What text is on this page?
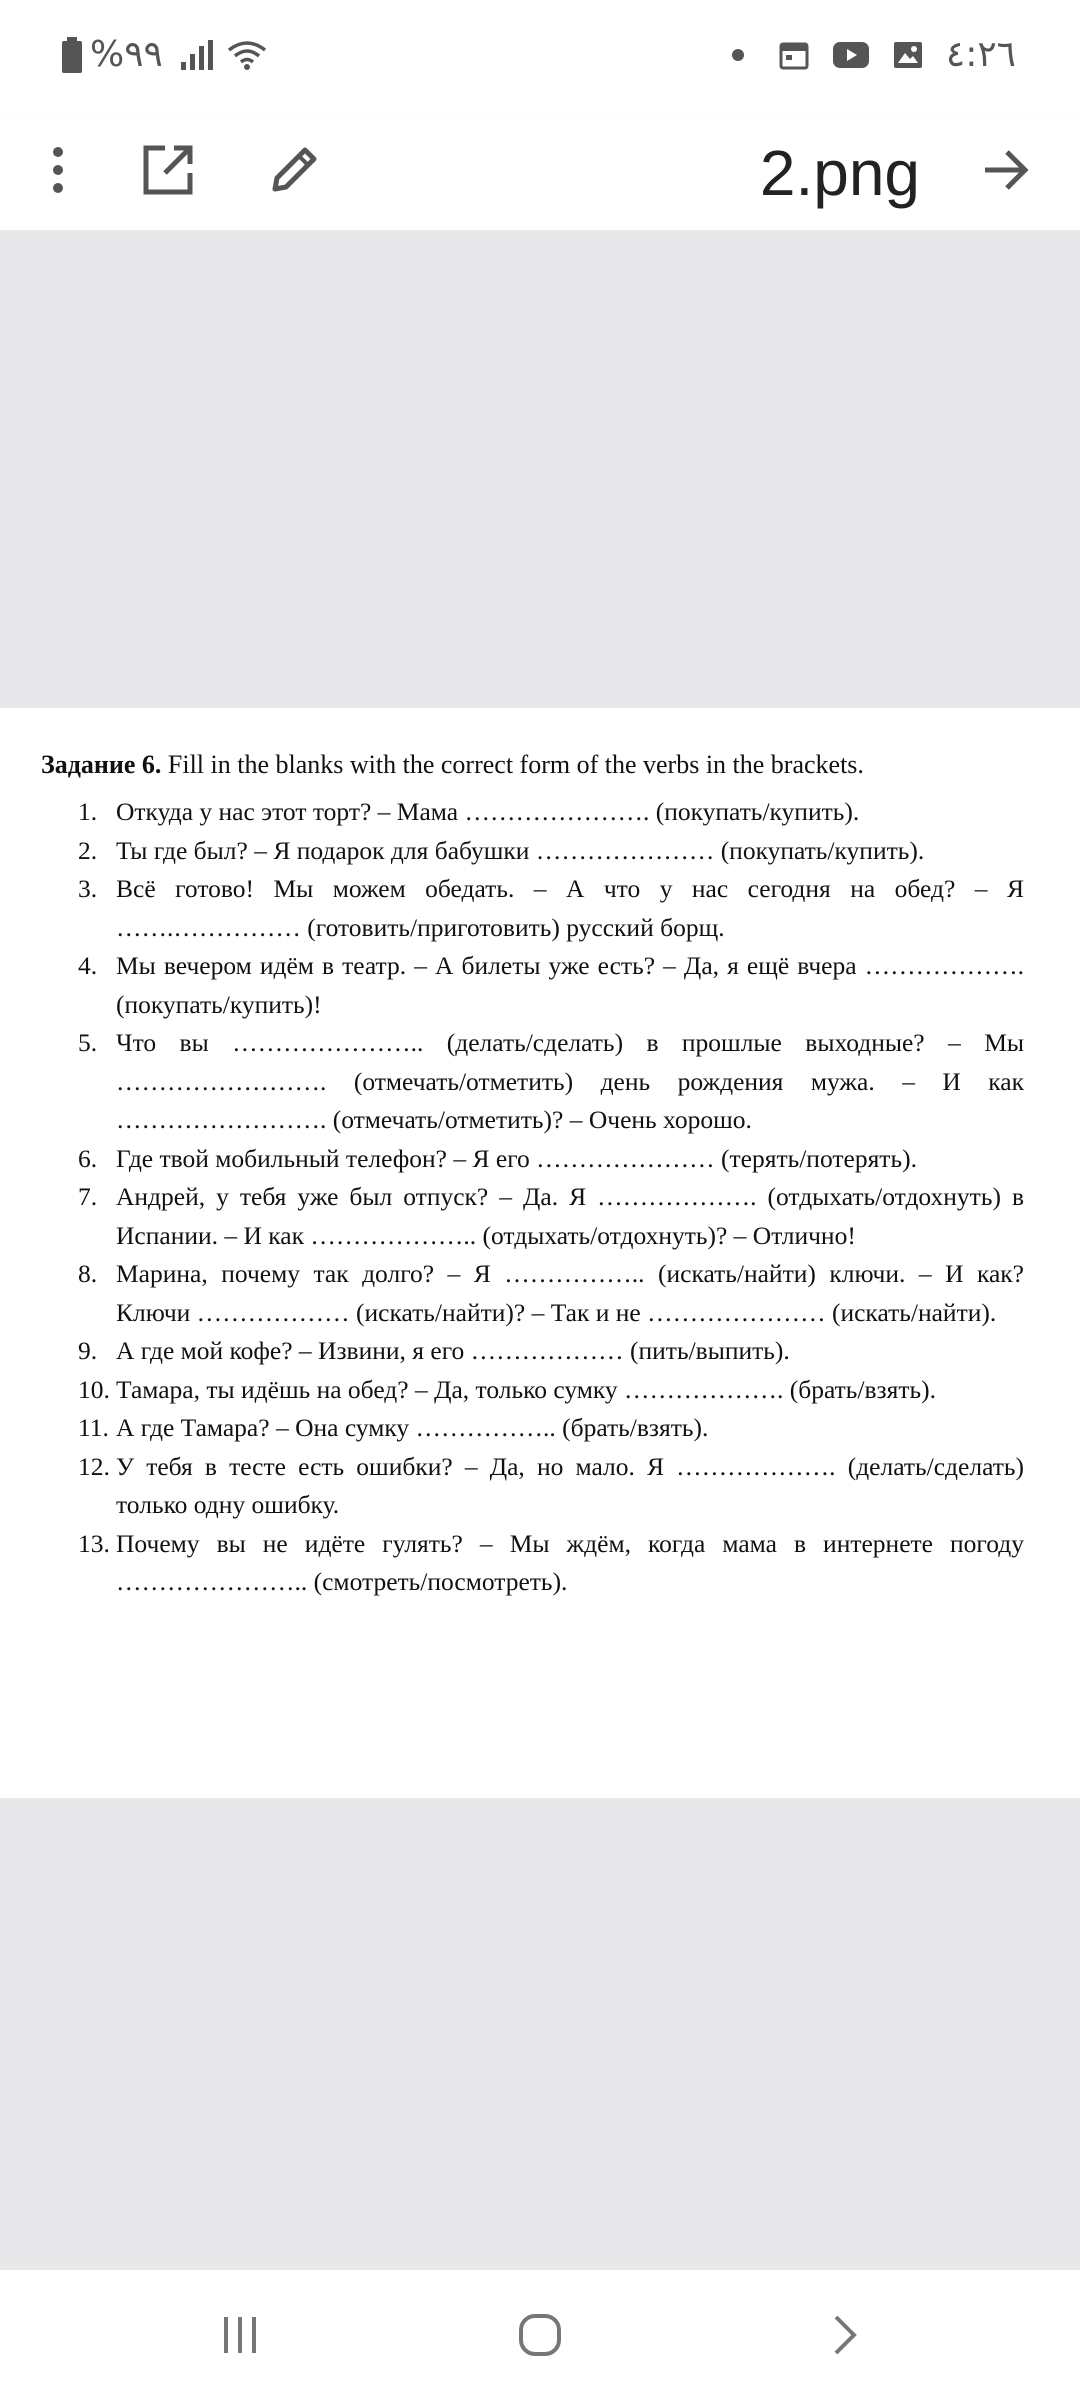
%٩٩	٤:٢٦
2.png
Задание 6. Fill in the blanks with the correct form of the verbs in the brackets.
1. Откуда у нас этот торт? – Мама …………………. (покупать/купить).
2. Ты где был? – Я подарок для бабушки ………………… (покупать/купить).
3. Всё готово! Мы можем обедать. – А что у нас сегодня на обед? – Я …….…………… (готовить/приготовить) русский борщ.
4. Мы вечером идём в театр. – А билеты уже есть? – Да, я ещё вчера ………………. (покупать/купить)!
5. Что вы ………………….. (делать/сделать) в прошлые выходные? – Мы ……………………. (отмечать/отметить) день рождения мужа. – И как ……………………. (отмечать/отметить)? – Очень хорошо.
6. Где твой мобильный телефон? – Я его ………………… (терять/потерять).
7. Андрей, у тебя уже был отпуск? – Да. Я ………………. (отдыхать/отдохнуть) в Испании. – И как ……………….. (отдыхать/отдохнуть)? – Отлично!
8. Марина, почему так долго? – Я …………….. (искать/найти) ключи. – И как? Ключи ……………… (искать/найти)? – Так и не ………………… (искать/найти).
9. А где мой кофе? – Извини, я его ……………… (пить/выпить).
10. Тамара, ты идёшь на обед? – Да, только сумку ………………. (брать/взять).
11. А где Тамара? – Она сумку …………….. (брать/взять).
12. У тебя в тесте есть ошибки? – Да, но мало. Я ………………. (делать/сделать) только одну ошибку.
13. Почему вы не идёте гулять? – Мы ждём, когда мама в интернете погоду ………………….. (смотреть/посмотреть).
